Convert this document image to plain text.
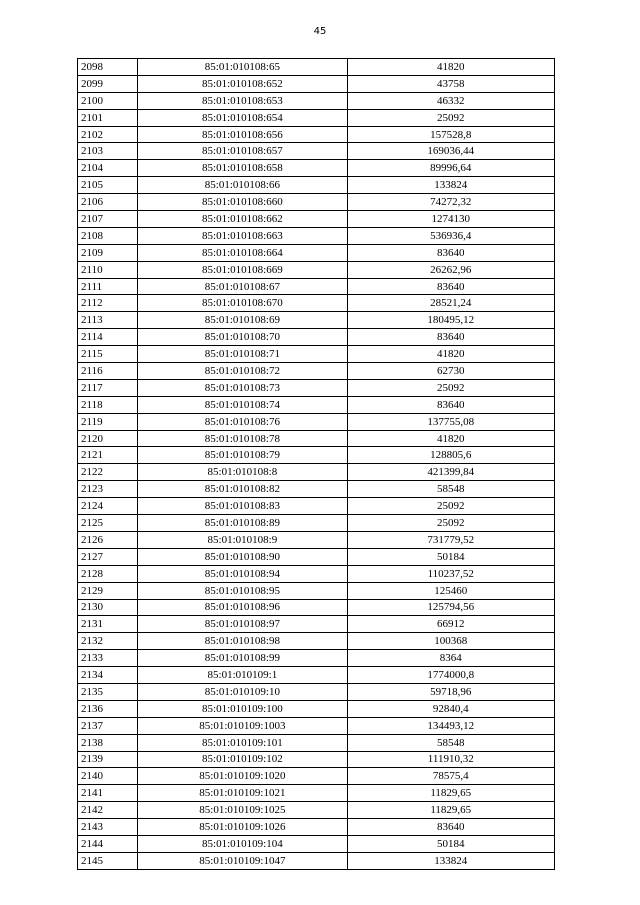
45
2098	85:01:010108:65	41820
2099	85:01:010108:652	43758
2100	85:01:010108:653	46332
2101	85:01:010108:654	25092
2102	85:01:010108:656	157528,8
2103	85:01:010108:657	169036,44
2104	85:01:010108:658	89996,64
2105	85:01:010108:66	133824
2106	85:01:010108:660	74272,32
2107	85:01:010108:662	1274130
2108	85:01:010108:663	536936,4
2109	85:01:010108:664	83640
2110	85:01:010108:669	26262,96
2111	85:01:010108:67	83640
2112	85:01:010108:670	28521,24
2113	85:01:010108:69	180495,12
2114	85:01:010108:70	83640
2115	85:01:010108:71	41820
2116	85:01:010108:72	62730
2117	85:01:010108:73	25092
2118	85:01:010108:74	83640
2119	85:01:010108:76	137755,08
2120	85:01:010108:78	41820
2121	85:01:010108:79	128805,6
2122	85:01:010108:8	421399,84
2123	85:01:010108:82	58548
2124	85:01:010108:83	25092
2125	85:01:010108:89	25092
2126	85:01:010108:9	731779,52
2127	85:01:010108:90	50184
2128	85:01:010108:94	110237,52
2129	85:01:010108:95	125460
2130	85:01:010108:96	125794,56
2131	85:01:010108:97	66912
2132	85:01:010108:98	100368
2133	85:01:010108:99	8364
2134	85:01:010109:1	1774000,8
2135	85:01:010109:10	59718,96
2136	85:01:010109:100	92840,4
2137	85:01:010109:1003	134493,12
2138	85:01:010109:101	58548
2139	85:01:010109:102	111910,32
2140	85:01:010109:1020	78575,4
2141	85:01:010109:1021	11829,65
2142	85:01:010109:1025	11829,65
2143	85:01:010109:1026	83640
2144	85:01:010109:104	50184
2145	85:01:010109:1047	133824
